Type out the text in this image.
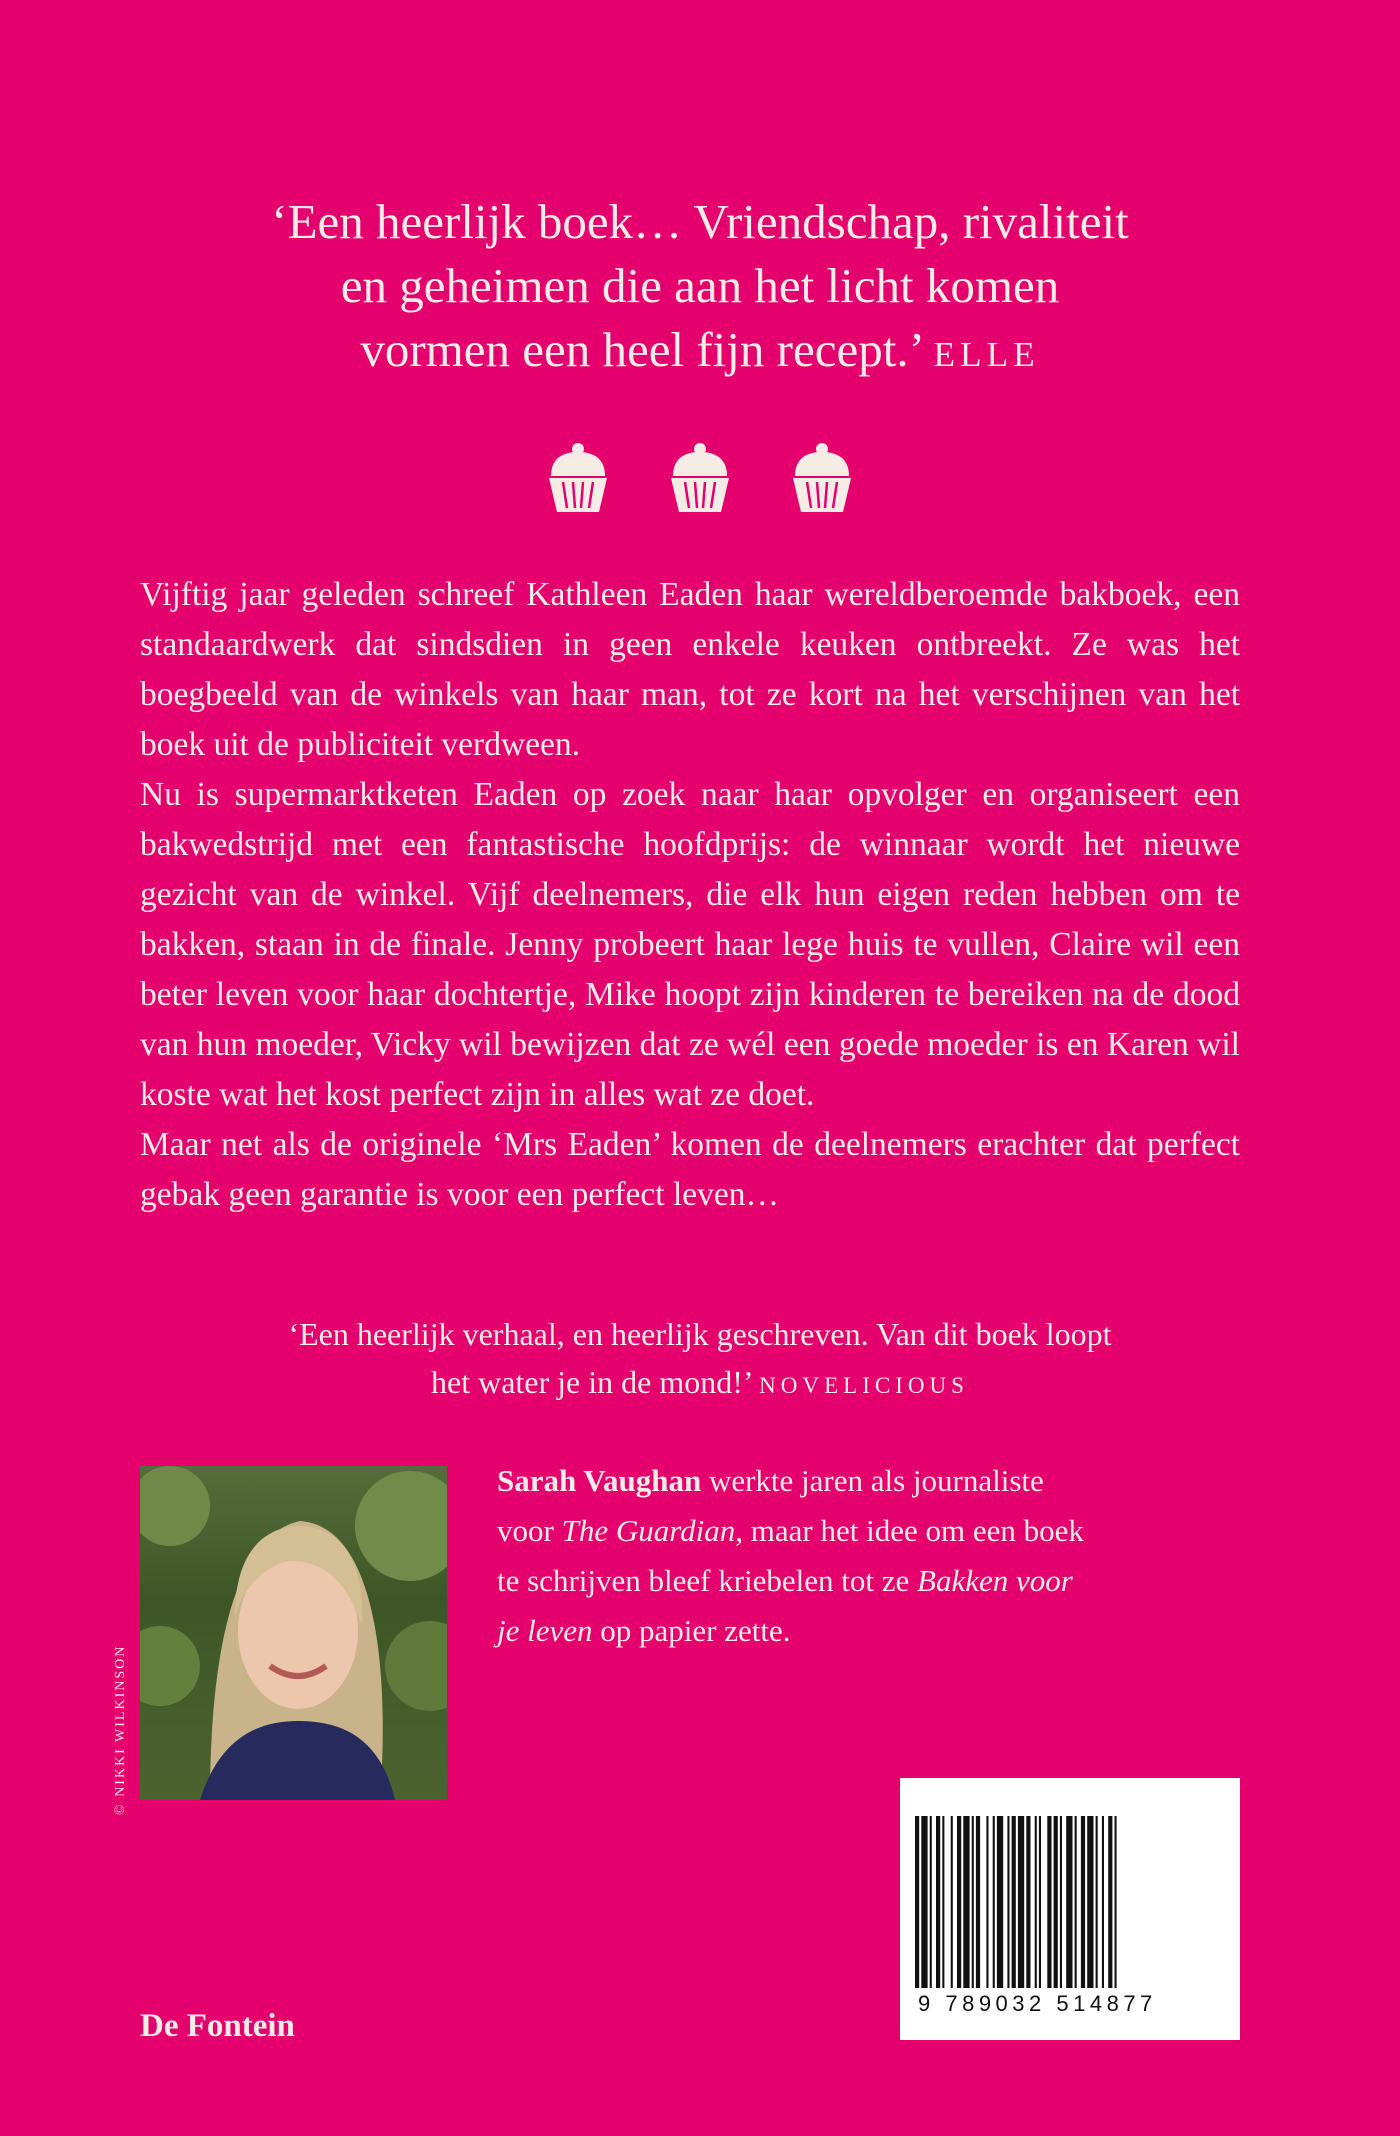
‘Een heerlijk boek… Vriendschap, rivaliteit
en geheimen die aan het licht komen
vormen een heel fijn recept.’ ELLE

Vijftig jaar geleden schreef Kathleen Eaden haar wereldberoemde bakboek, een standaardwerk dat sindsdien in geen enkele keuken ontbreekt. Ze was het boegbeeld van de winkels van haar man, tot ze kort na het verschijnen van het boek uit de publiciteit verdween.

Nu is supermarktketen Eaden op zoek naar haar opvolger en organiseert een bakwedstrijd met een fantastische hoofdprijs: de winnaar wordt het nieuwe gezicht van de winkel. Vijf deelnemers, die elk hun eigen reden hebben om te bakken, staan in de finale. Jenny probeert haar lege huis te vullen, Claire wil een beter leven voor haar dochtertje, Mike hoopt zijn kinderen te bereiken na de dood van hun moeder, Vicky wil bewijzen dat ze wél een goede moeder is en Karen wil koste wat het kost perfect zijn in alles wat ze doet.

Maar net als de originele ‘Mrs Eaden’ komen de deelnemers erachter dat perfect gebak geen garantie is voor een perfect leven…

‘Een heerlijk verhaal, en heerlijk geschreven. Van dit boek loopt
het water je in de mond!’ NOVELICIOUS
© NIKKI WILKINSON
Sarah Vaughan werkte jaren als journaliste
voor The Guardian, maar het idee om een boek
te schrijven bleef kriebelen tot ze Bakken voor
je leven op papier zette.
9 789032 514877
De Fontein
